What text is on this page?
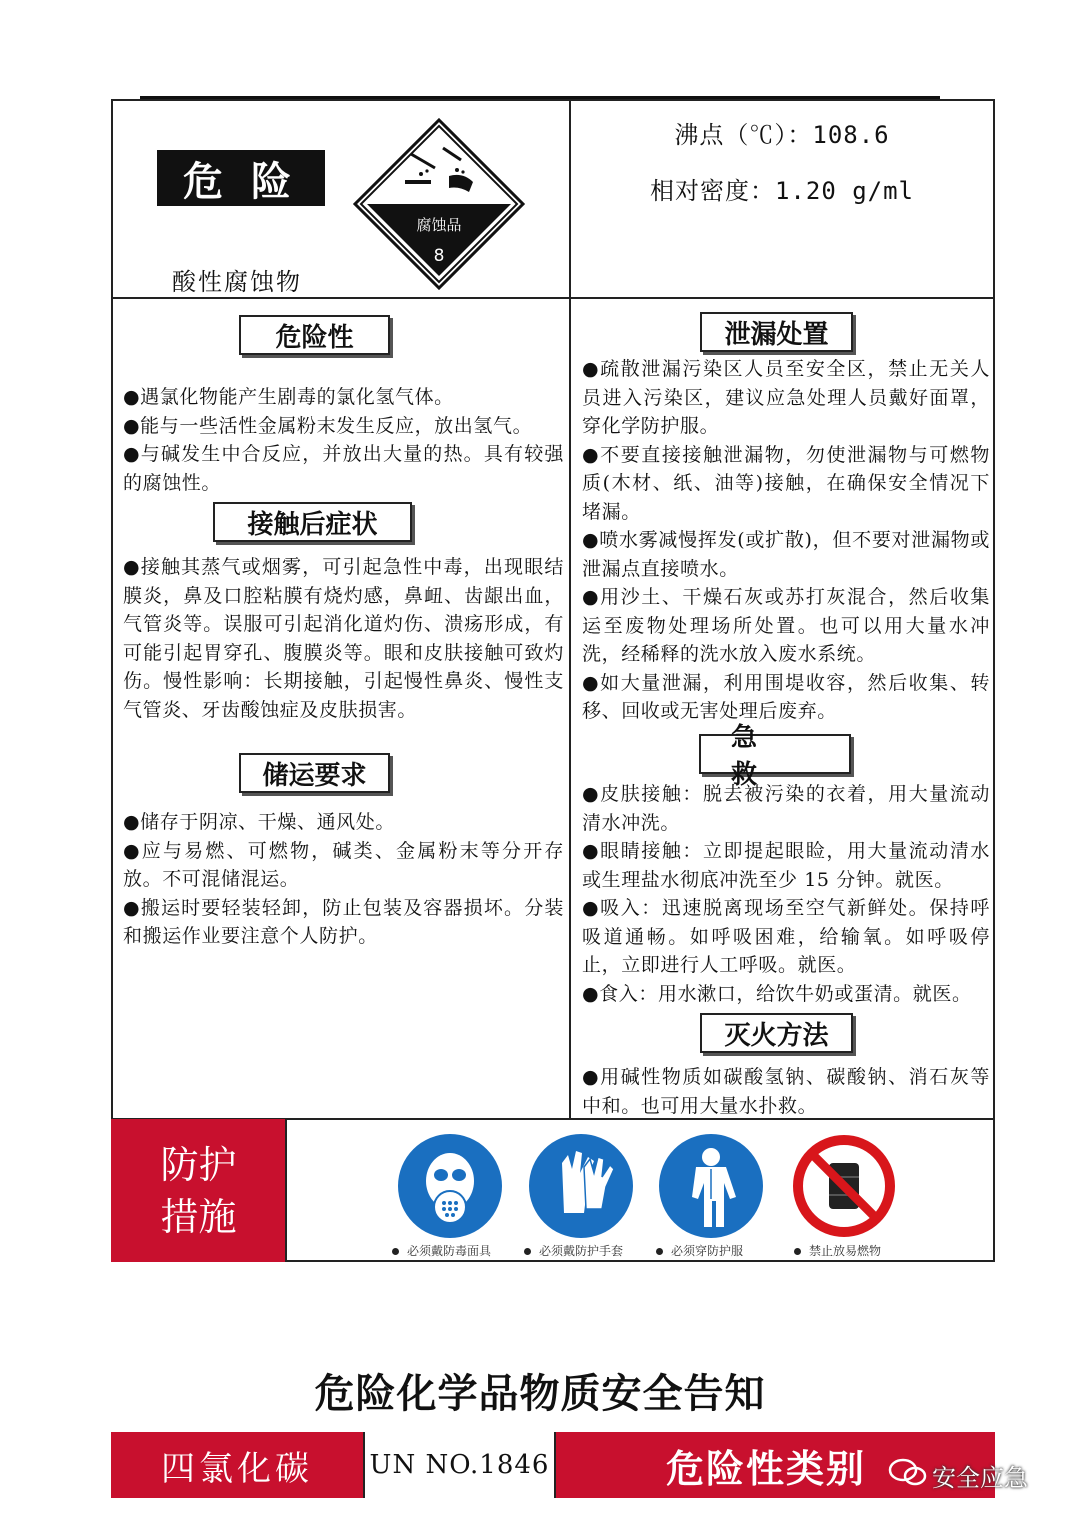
危险
腐蚀品
8
酸性腐蚀物
沸点（℃）：108.6
相对密度：1.20 g/ml
危险性

●遇氯化物能产生剧毒的氯化氢气体。

●能与一些活性金属粉末发生反应，放出氢气。

●与碱发生中合反应，并放出大量的热。具有较强的腐蚀性。

接触后症状

●接触其蒸气或烟雾，可引起急性中毒，出现眼结膜炎，鼻及口腔粘膜有烧灼感，鼻衄、齿龈出血，气管炎等。误服可引起消化道灼伤、溃疡形成，有可能引起胃穿孔、腹膜炎等。眼和皮肤接触可致灼伤。慢性影响：长期接触，引起慢性鼻炎、慢性支气管炎、牙齿酸蚀症及皮肤损害。

储运要求

●储存于阴凉、干燥、通风处。

●应与易燃、可燃物，碱类、金属粉末等分开存放。不可混储混运。

●搬运时要轻装轻卸，防止包装及容器损坏。分装和搬运作业要注意个人防护。

泄漏处置

●疏散泄漏污染区人员至安全区，禁止无关人员进入污染区，建议应急处理人员戴好面罩，穿化学防护服。

●不要直接接触泄漏物，勿使泄漏物与可燃物质(木材、纸、油等)接触，在确保安全情况下堵漏。

●喷水雾减慢挥发(或扩散)，但不要对泄漏物或泄漏点直接喷水。

●用沙土、干燥石灰或苏打灰混合，然后收集运至废物处理场所处置。也可以用大量水冲洗，经稀释的洗水放入废水系统。

●如大量泄漏，利用围堤收容，然后收集、转移、回收或无害处理后废弃。

急 救

●皮肤接触：脱去被污染的衣着，用大量流动清水冲洗。

●眼睛接触：立即提起眼睑，用大量流动清水或生理盐水彻底冲洗至少 15 分钟。就医。

●吸入：迅速脱离现场至空气新鲜处。保持呼吸道通畅。如呼吸困难，给输氧。如呼吸停止，立即进行人工呼吸。就医。

●食入：用水漱口，给饮牛奶或蛋清。就医。

灭火方法

●用碱性物质如碳酸氢钠、碳酸钠、消石灰等中和。也可用大量水扑救。

防护
措施
必须戴防毒面具	必须戴防护手套	必须穿防护服	禁止放易燃物
危险化学品物质安全告知
四氯化碳	UN NO.1846	危险性类别	安全应急
